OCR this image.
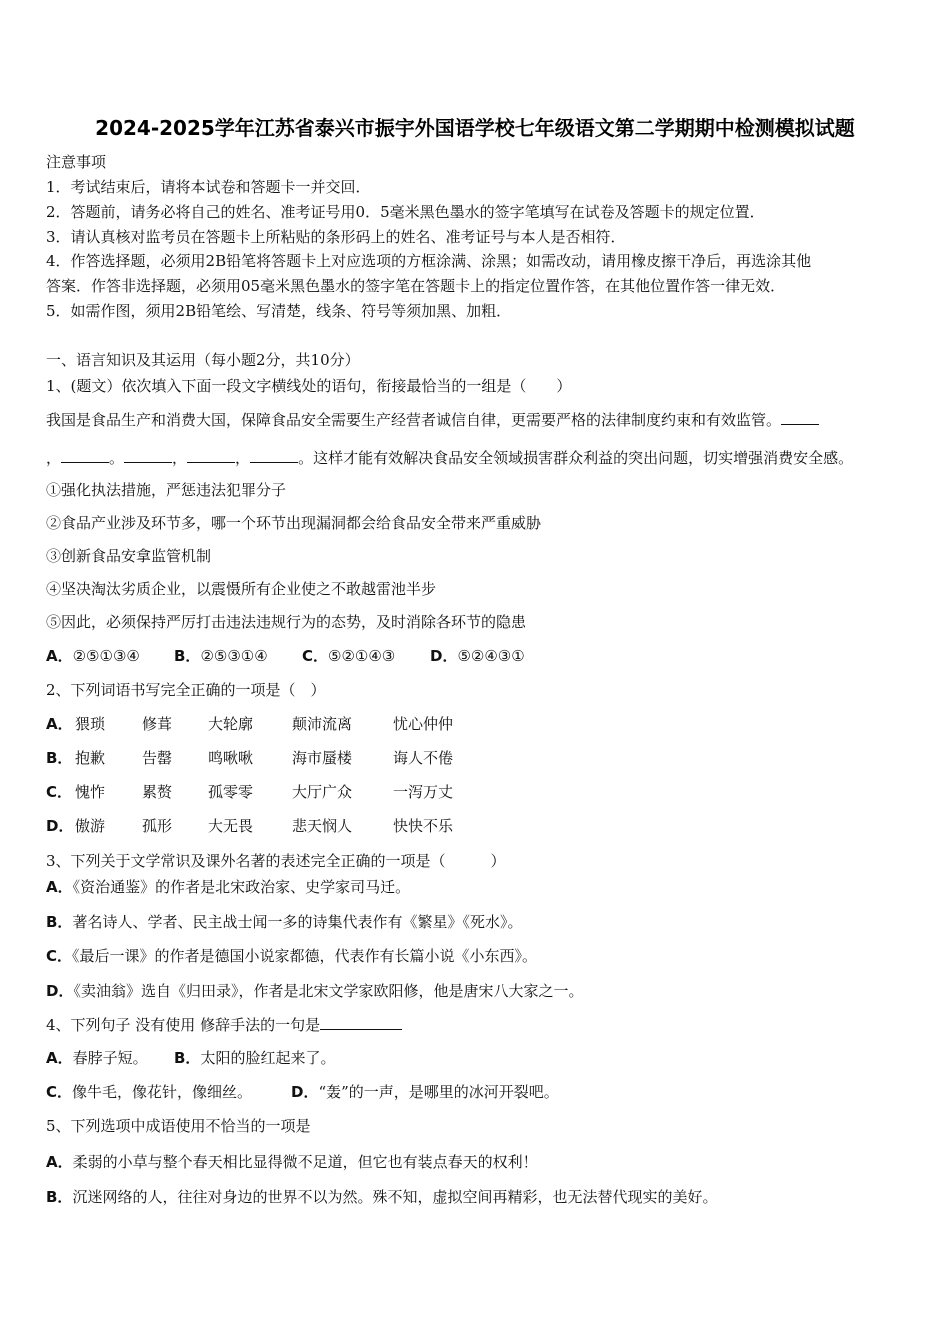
2024-2025学年江苏省泰兴市振宇外国语学校七年级语文第二学期期中检测模拟试题
注意事项
1．考试结束后，请将本试卷和答题卡一并交回．
2．答题前，请务必将自己的姓名、准考证号用0．5毫米黑色墨水的签字笔填写在试卷及答题卡的规定位置．
3．请认真核对监考员在答题卡上所粘贴的条形码上的姓名、准考证号与本人是否相符．
4．作答选择题，必须用2B铅笔将答题卡上对应选项的方框涂满、涂黑；如需改动，请用橡皮擦干净后，再选涂其他
答案．作答非选择题，必须用05毫米黑色墨水的签字笔在答题卡上的指定位置作答，在其他位置作答一律无效．
5．如需作图，须用2B铅笔绘、写清楚，线条、符号等须加黑、加粗．
一、语言知识及其运用（每小题2分，共10分）
1、(题文）依次填入下面一段文字横线处的语句，衔接最恰当的一组是（　　）
我国是食品生产和消费大国，保障食品安全需要生产经营者诚信自律，更需要严格的法律制度约束和有效监管。
，	。	，	，	。这样才能有效解决食品安全领域损害群众利益的突出问题，切实增强消费安全感。
①强化执法措施，严惩违法犯罪分子
②食品产业涉及环节多，哪一个环节出现漏洞都会给食品安全带来严重威胁
③创新食品安拿监管机制
④坚决淘汰劣质企业，以震慑所有企业使之不敢越雷池半步
⑤因此，必须保持严厉打击违法违规行为的态势，及时消除各环节的隐患
A．②⑤①③④ B．②⑤③①④ C．⑤②①④③ D．⑤②④③①
2、下列词语书写完全正确的一项是（　）
A． 猥琐 修葺 大轮廓	颠沛流离	忧心仲仲
B． 抱歉 告罄 鸣啾啾	海市蜃楼	诲人不倦
C． 愧怍 累赘 孤零零	大厅广众	一泻万丈
D． 傲游 孤形 大无畏	悲天悯人	快快不乐
3、下列关于文学常识及课外名著的表述完全正确的一项是（　　　）
A．《资治通鉴》的作者是北宋政治家、史学家司马迁。
B．著名诗人、学者、民主战士闻一多的诗集代表作有《繁星》《死水》。
C．《最后一课》的作者是德国小说家都德，代表作有长篇小说《小东西》。
D．《卖油翁》选自《归田录》，作者是北宋文学家欧阳修，他是唐宋八大家之一。
4、下列句子 没有使用 修辞手法的一句是
A．春脖子短。 B．太阳的脸红起来了。
C．像牛毛，像花针，像细丝。	D．“轰”的一声，是哪里的冰河开裂吧。
5、下列选项中成语使用不恰当的一项是
A．柔弱的小草与整个春天相比显得微不足道，但它也有装点春天的权利！
B．沉迷网络的人，往往对身边的世界不以为然。殊不知，虚拟空间再精彩，也无法替代现实的美好。
